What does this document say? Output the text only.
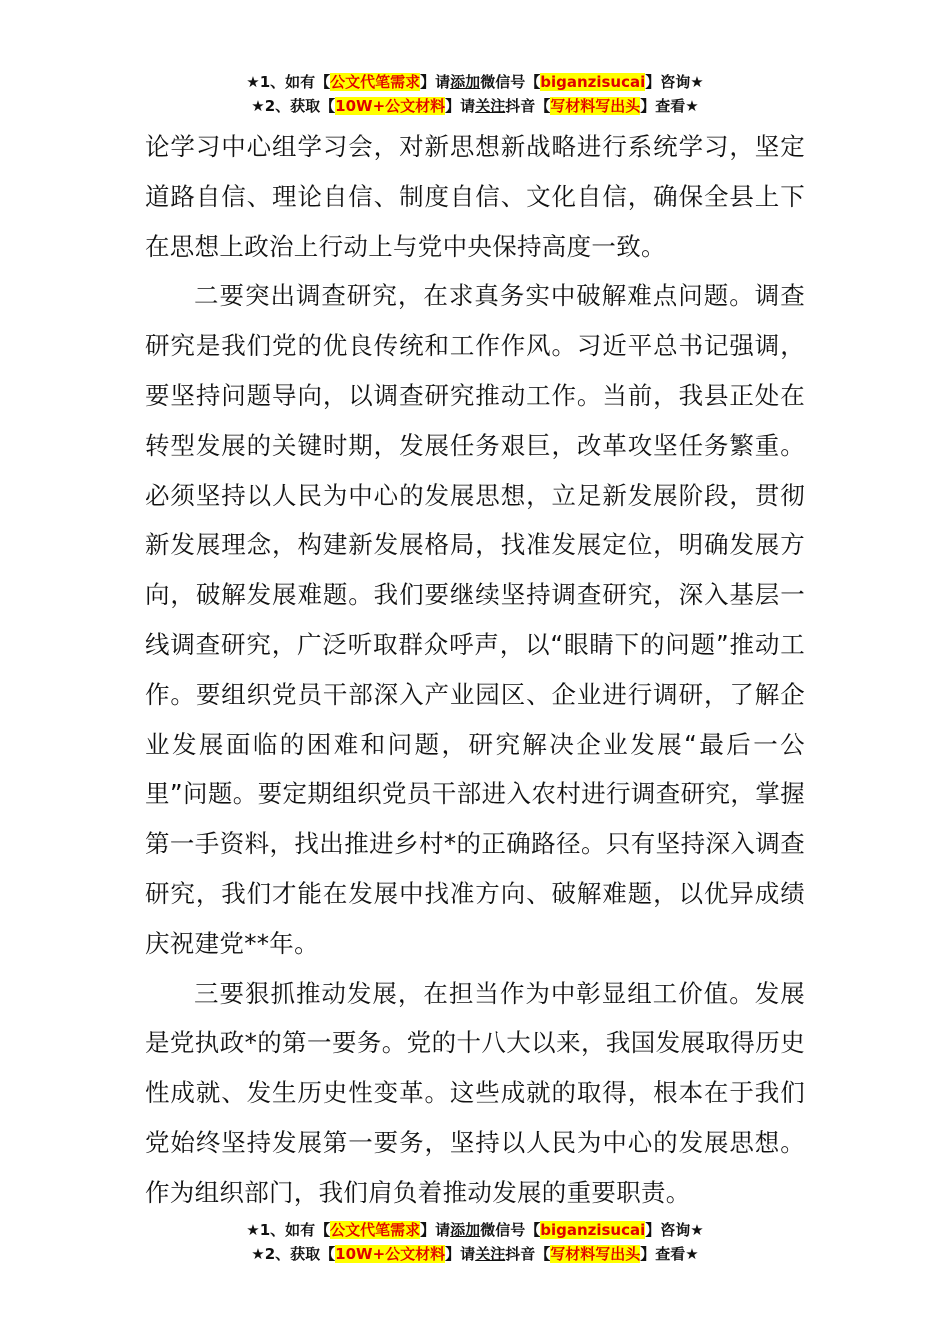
★1、如有【公文代笔需求】请添加微信号【biganzisucai】咨询★
★2、获取【10W+公文材料】请关注抖音【写材料写出头】查看★

论学习中心组学习会，对新思想新战略进行系统学习，坚定道路自信、理论自信、制度自信、文化自信，确保全县上下在思想上政治上行动上与党中央保持高度一致。

二要突出调查研究，在求真务实中破解难点问题。调查研究是我们党的优良传统和工作作风。习近平总书记强调，要坚持问题导向，以调查研究推动工作。当前，我县正处在转型发展的关键时期，发展任务艰巨，改革攻坚任务繁重。必须坚持以人民为中心的发展思想，立足新发展阶段，贯彻新发展理念，构建新发展格局，找准发展定位，明确发展方向，破解发展难题。我们要继续坚持调查研究，深入基层一线调查研究，广泛听取群众呼声，以“眼睛下的问题”推动工作。要组织党员干部深入产业园区、企业进行调研，了解企业发展面临的困难和问题，研究解决企业发展“最后一公里”问题。要定期组织党员干部进入农村进行调查研究，掌握第一手资料，找出推进乡村*的正确路径。只有坚持深入调查研究，我们才能在发展中找准方向、破解难题，以优异成绩庆祝建党**年。

三要狠抓推动发展，在担当作为中彰显组工价值。发展是党执政*的第一要务。党的十八大以来，我国发展取得历史性成就、发生历史性变革。这些成就的取得，根本在于我们党始终坚持发展第一要务，坚持以人民为中心的发展思想。作为组织部门，我们肩负着推动发展的重要职责。

★1、如有【公文代笔需求】请添加微信号【biganzisucai】咨询★
★2、获取【10W+公文材料】请关注抖音【写材料写出头】查看★
